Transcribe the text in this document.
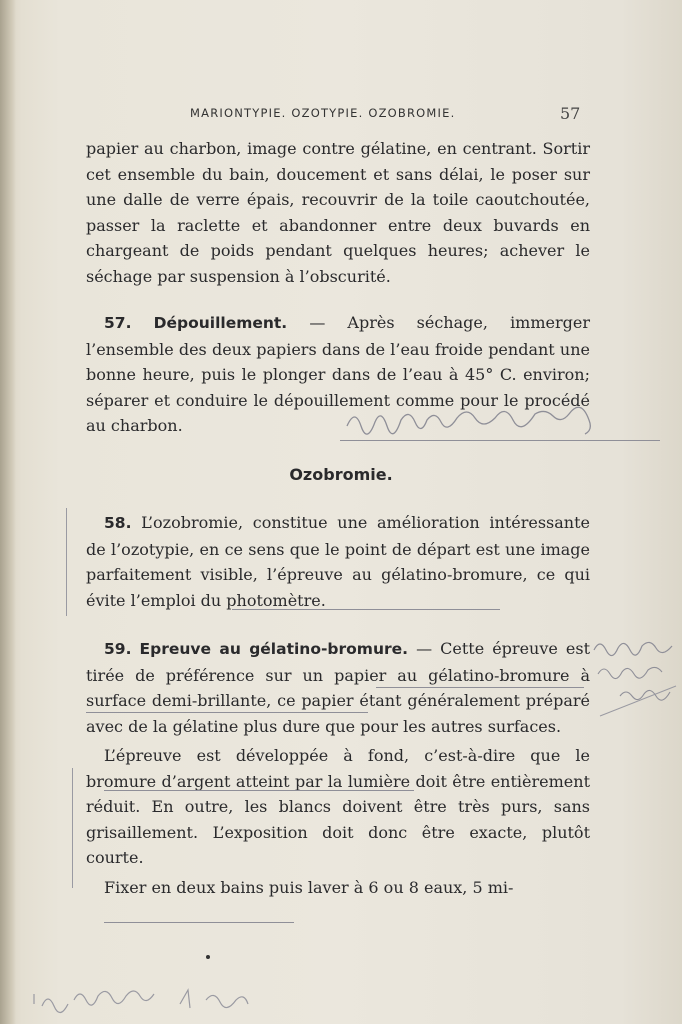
MARIONTYPIE. OZOTYPIE. OZOBROMIE.	57

papier au charbon, image contre gélatine, en centrant. Sortir cet ensemble du bain, doucement et sans délai, le poser sur une dalle de verre épais, recouvrir de la toile caoutchoutée, passer la raclette et abandonner entre deux buvards en chargeant de poids pendant quelques heures; achever le séchage par suspension à l’obscurité.

57. Dépouillement. — Après séchage, immerger l’ensemble des deux papiers dans de l’eau froide pendant une bonne heure, puis le plonger dans de l’eau à 45° C. environ; séparer et conduire le dépouillement comme pour le procédé au charbon.

Ozobromie.

58. L’ozobromie, constitue une amélioration intéressante de l’ozotypie, en ce sens que le point de départ est une image parfaitement visible, l’épreuve au gélatino-bromure, ce qui évite l’emploi du photomètre.

59. Epreuve au gélatino-bromure. — Cette épreuve est tirée de préférence sur un papier au gélatino-bromure à surface demi-brillante, ce papier étant généralement préparé avec de la gélatine plus dure que pour les autres surfaces.

L’épreuve est développée à fond, c’est-à-dire que le bromure d’argent atteint par la lumière doit être entièrement réduit. En outre, les blancs doivent être très purs, sans grisaillement. L’exposition doit donc être exacte, plutôt courte.

Fixer en deux bains puis laver à 6 ou 8 eaux, 5 mi-
